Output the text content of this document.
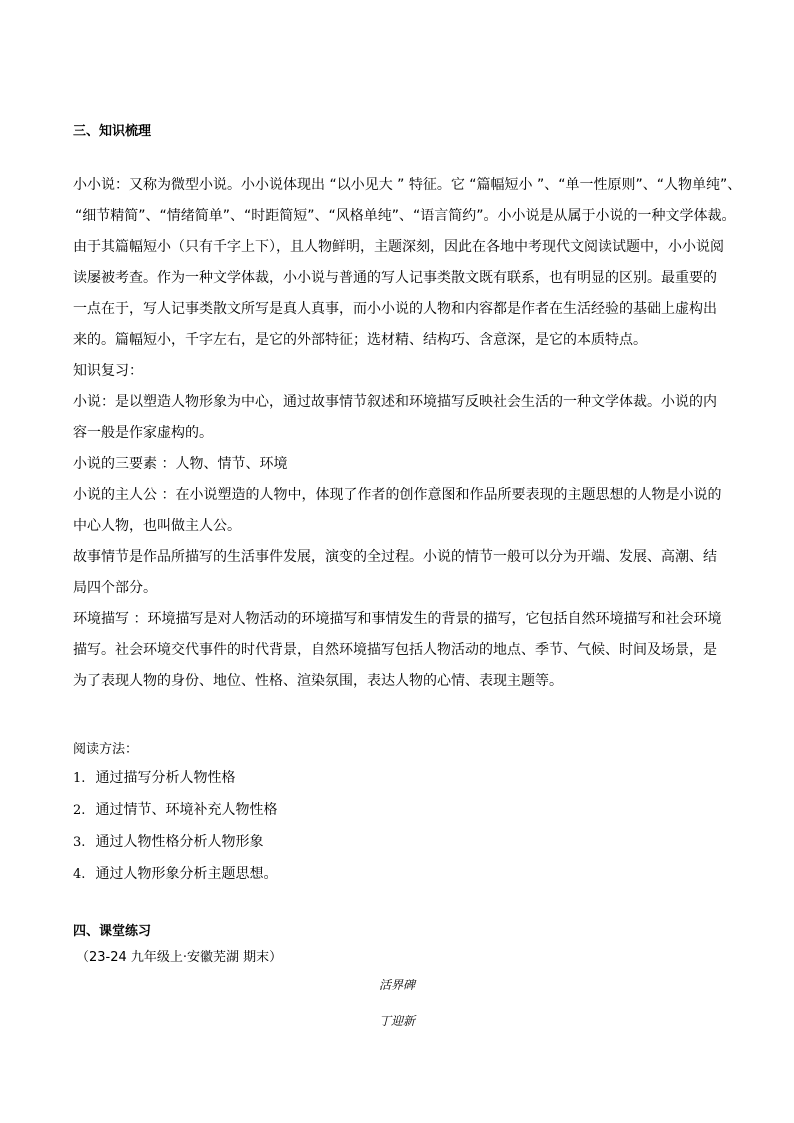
三、知识梳理
小小说：又称为微型小说。小小说体现出 “以小见大 ” 特征。它 “篇幅短小 ”、“单一性原则”、“人物单纯”、
“细节精简”、“情绪简单”、“时距简短”、“风格单纯”、“语言简约”。小小说是从属于小说的一种文学体裁。
由于其篇幅短小（只有千字上下），且人物鲜明，主题深刻，因此在各地中考现代文阅读试题中，小小说阅
读屡被考查。作为一种文学体裁，小小说与普通的写人记事类散文既有联系，也有明显的区别。最重要的
一点在于，写人记事类散文所写是真人真事，而小小说的人物和内容都是作者在生活经验的基础上虚构出
来的。篇幅短小，千字左右，是它的外部特征；选材精、结构巧、含意深，是它的本质特点。
知识复习：
小说：是以塑造人物形象为中心，通过故事情节叙述和环境描写反映社会生活的一种文学体裁。小说的内
容一般是作家虚构的。
小说的三要素 ：人物、情节、环境
小说的主人公 ：在小说塑造的人物中，体现了作者的创作意图和作品所要表现的主题思想的人物是小说的
中心人物，也叫做主人公。
故事情节是作品所描写的生活事件发展，演变的全过程。小说的情节一般可以分为开端、发展、高潮、结
局四个部分。
环境描写 ：环境描写是对人物活动的环境描写和事情发生的背景的描写，它包括自然环境描写和社会环境
描写。社会环境交代事件的时代背景，自然环境描写包括人物活动的地点、季节、气候、时间及场景，是
为了表现人物的身份、地位、性格、渲染氛围，表达人物的心情、表现主题等。
阅读方法：
1. 通过描写分析人物性格
2. 通过情节、环境补充人物性格
3. 通过人物性格分析人物形象
4. 通过人物形象分析主题思想。
四、课堂练习
（23-24 九年级上·安徽芜湖 期末）
活界碑
丁迎新
